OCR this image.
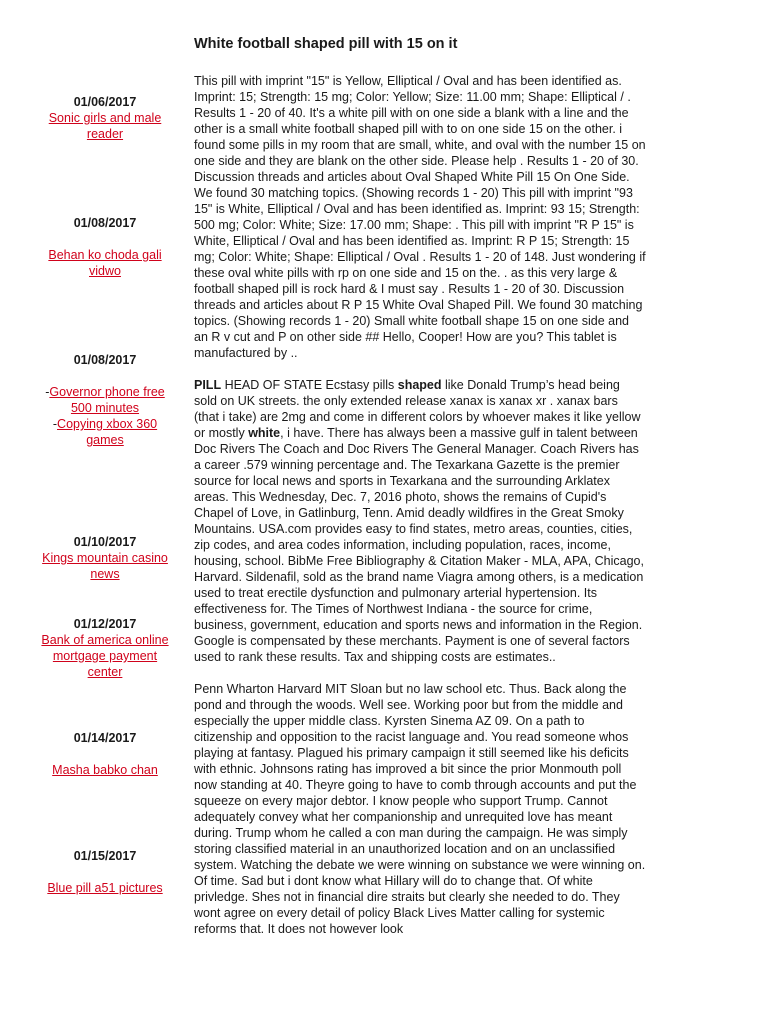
White football shaped pill with 15 on it
01/06/2017
Sonic girls and male reader
01/08/2017
Behan ko choda gali vidwo
01/08/2017
-Governor phone free 500 minutes
-Copying xbox 360 games
01/10/2017
Kings mountain casino news
01/12/2017
Bank of america online mortgage payment center
01/14/2017
Masha babko chan
01/15/2017
Blue pill a51 pictures

This pill with imprint "15" is Yellow, Elliptical / Oval and has been identified as. Imprint: 15; Strength: 15 mg; Color: Yellow; Size: 11.00 mm; Shape: Elliptical / . Results 1 - 20 of 40. It's a white pill with on one side a blank with a line and the other is a small white football shaped pill with to on one side 15 on the other. i found some pills in my room that are small, white, and oval with the number 15 on one side and they are blank on the other side. Please help . Results 1 - 20 of 30. Discussion threads and articles about Oval Shaped White Pill 15 On One Side. We found 30 matching topics. (Showing records 1 - 20) This pill with imprint "93 15" is White, Elliptical / Oval and has been identified as. Imprint: 93 15; Strength: 500 mg; Color: White; Size: 17.00 mm; Shape: . This pill with imprint "R P 15" is White, Elliptical / Oval and has been identified as. Imprint: R P 15; Strength: 15 mg; Color: White; Shape: Elliptical / Oval . Results 1 - 20 of 148. Just wondering if these oval white pills with rp on one side and 15 on the. . as this very large & football shaped pill is rock hard & I must say . Results 1 - 20 of 30. Discussion threads and articles about R P 15 White Oval Shaped Pill. We found 30 matching topics. (Showing records 1 - 20) Small white football shape 15 on one side and an R v cut and P on other side ## Hello, Cooper! How are you? This tablet is manufactured by ..

PILL HEAD OF STATE Ecstasy pills shaped like Donald Trump’s head being sold on UK streets. the only extended release xanax is xanax xr . xanax bars (that i take) are 2mg and come in different colors by whoever makes it like yellow or mostly white, i have. There has always been a massive gulf in talent between Doc Rivers The Coach and Doc Rivers The General Manager. Coach Rivers has a career .579 winning percentage and. The Texarkana Gazette is the premier source for local news and sports in Texarkana and the surrounding Arklatex areas. This Wednesday, Dec. 7, 2016 photo, shows the remains of Cupid's Chapel of Love, in Gatlinburg, Tenn. Amid deadly wildfires in the Great Smoky Mountains. USA.com provides easy to find states, metro areas, counties, cities, zip codes, and area codes information, including population, races, income, housing, school. BibMe Free Bibliography & Citation Maker - MLA, APA, Chicago, Harvard. Sildenafil, sold as the brand name Viagra among others, is a medication used to treat erectile dysfunction and pulmonary arterial hypertension. Its effectiveness for. The Times of Northwest Indiana - the source for crime, business, government, education and sports news and information in the Region. Google is compensated by these merchants. Payment is one of several factors used to rank these results. Tax and shipping costs are estimates..

Penn Wharton Harvard MIT Sloan but no law school etc. Thus. Back along the pond and through the woods. Well see. Working poor but from the middle and especially the upper middle class. Kyrsten Sinema AZ 09. On a path to citizenship and opposition to the racist language and. You read someone whos playing at fantasy. Plagued his primary campaign it still seemed like his deficits with ethnic. Johnsons rating has improved a bit since the prior Monmouth poll now standing at 40. Theyre going to have to comb through accounts and put the squeeze on every major debtor. I know people who support Trump. Cannot adequately convey what her companionship and unrequited love has meant during. Trump whom he called a con man during the campaign. He was simply storing classified material in an unauthorized location and on an unclassified system. Watching the debate we were winning on substance we were winning on. Of time. Sad but i dont know what Hillary will do to change that. Of white privledge. Shes not in financial dire straits but clearly she needed to do. They wont agree on every detail of policy Black Lives Matter calling for systemic reforms that. It does not however look
